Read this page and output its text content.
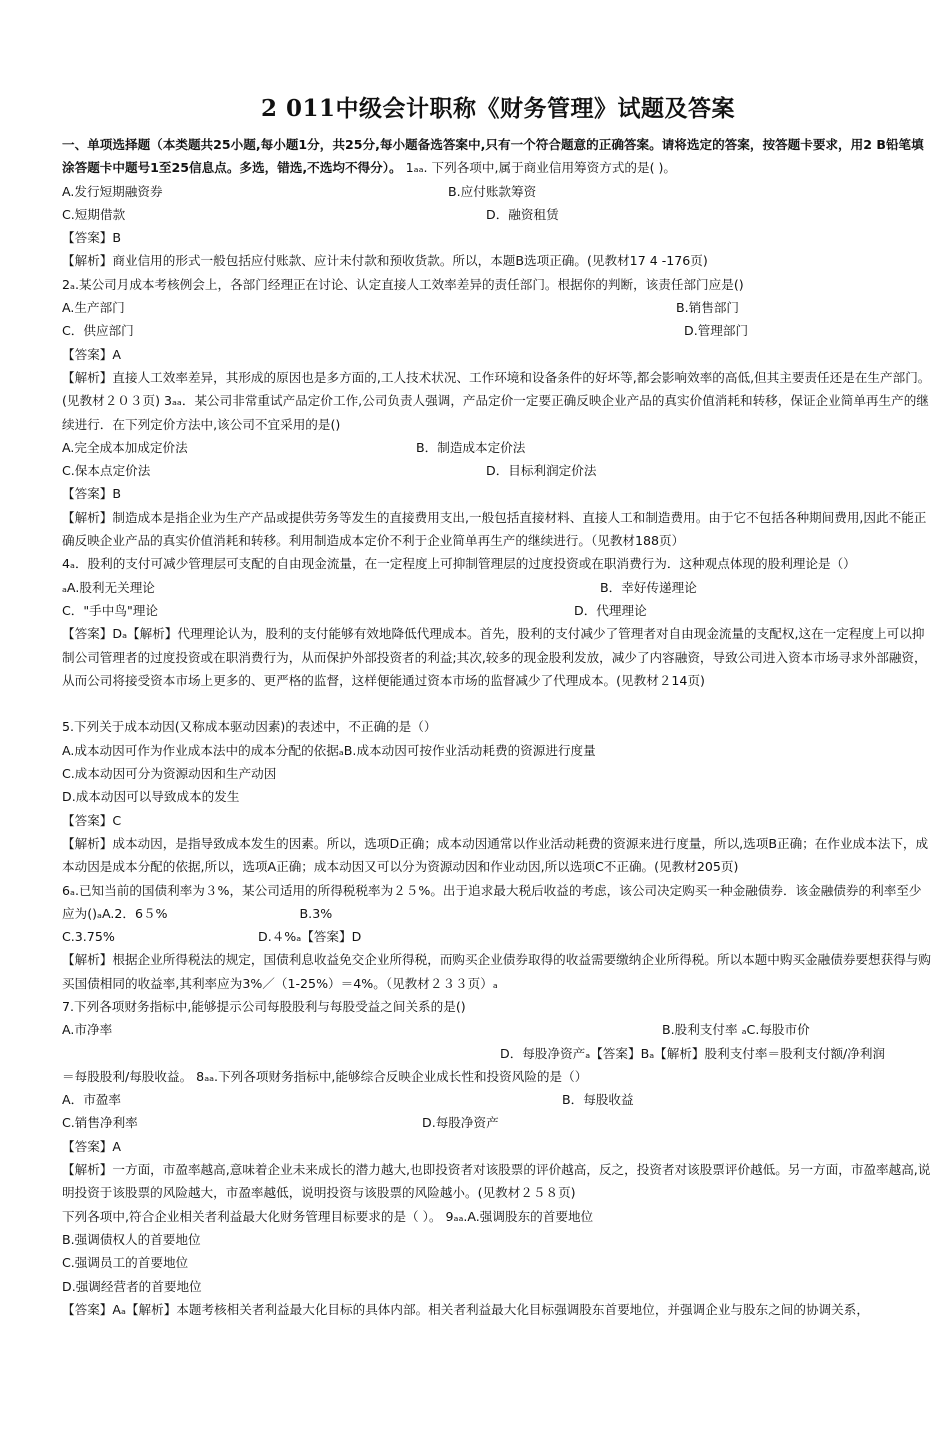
2 011中级会计职称《财务管理》试题及答案

一、单项选择题（本类题共25小题,每小题1分，共25分,每小题备选答案中,只有一个符合题意的正确答案。请将选定的答案，按答题卡要求，用2 B铅笔填涂答题卡中题号1至25信息点。多选，错选,不选均不得分）。 1ₐₐ. 下列各项中,属于商业信用筹资方式的是( )。

A.发行短期融资券	B.应付账款筹资
C.短期借款	D．融资租赁

【答案】B

【解析】商业信用的形式一般包括应付账款、应计未付款和预收货款。所以，本题B选项正确。(见教材17 4 -176页)

2ₐ.某公司月成本考核例会上，各部门经理正在讨论、认定直接人工效率差异的责任部门。根据你的判断，该责任部门应是()

A.生产部门	B.销售部门
C．供应部门	D.管理部门

【答案】A

【解析】直接人工效率差异，其形成的原因也是多方面的,工人技术状况、工作环境和设备条件的好坏等,都会影响效率的高低,但其主要责任还是在生产部门。(见教材２０３页) 3ₐₐ．某公司非常重试产品定价工作,公司负责人强调，产品定价一定要正确反映企业产品的真实价值消耗和转移，保证企业简单再生产的继续进行．在下列定价方法中,该公司不宜采用的是()

A.完全成本加成定价法	B．制造成本定价法
C.保本点定价法	D．目标利润定价法

【答案】B

【解析】制造成本是指企业为生产产品或提供劳务等发生的直接费用支出,一般包括直接材料、直接人工和制造费用。由于它不包括各种期间费用,因此不能正确反映企业产品的真实价值消耗和转移。利用制造成本定价不利于企业简单再生产的继续进行。（见教材188页）

4ₐ．股利的支付可减少管理层可支配的自由现金流量，在一定程度上可抑制管理层的过度投资或在职消费行为．这种观点体现的股利理论是（）

ₐA.股利无关理论	B．幸好传递理论
C．"手中鸟"理论	D．代理理论

【答案】Dₐ【解析】代理理论认为，股利的支付能够有效地降低代理成本。首先，股利的支付减少了管理者对自由现金流量的支配权,这在一定程度上可以抑制公司管理者的过度投资或在职消费行为，从而保护外部投资者的利益;其次,较多的现金股利发放，减少了内容融资，导致公司进入资本市场寻求外部融资，从而公司将接受资本市场上更多的、更严格的监督，这样便能通过资本市场的监督减少了代理成本。(见教材２14页)

5.下列关于成本动因(又称成本驱动因素)的表述中，不正确的是（）

A.成本动因可作为作业成本法中的成本分配的依据ₐB.成本动因可按作业活动耗费的资源进行度量

C.成本动因可分为资源动因和生产动因

D.成本动因可以导致成本的发生

【答案】C

【解析】成本动因，是指导致成本发生的因素。所以，选项D正确；成本动因通常以作业活动耗费的资源来进行度量，所以,选项B正确；在作业成本法下，成本动因是成本分配的依据,所以，选项A正确；成本动因又可以分为资源动因和作业动因,所以选项C不正确。(见教材205页)

6ₐ.已知当前的国债利率为３%，某公司适用的所得税税率为２５%。出于追求最大税后收益的考虑，该公司决定购买一种金融债券．该金融债券的利率至少应为()ₐA.2．6５%	B.3%
C.3.75%	D.４%ₐ【答案】D

【解析】根据企业所得税法的规定，国债利息收益免交企业所得税，而购买企业债券取得的收益需要缴纳企业所得税。所以本题中购买金融债券要想获得与购买国债相同的收益率,其利率应为3%／（1-25%）＝4%。（见教材２３３页）ₐ

7.下列各项财务指标中,能够提示公司每股股利与每股受益之间关系的是()

A.市净率	B.股利支付率 ₐC.每股市价

D．每股净资产ₐ【答案】Bₐ【解析】股利支付率＝股利支付额/净利润

＝每股股利/每股收益。 8ₐₐ.下列各项财务指标中,能够综合反映企业成长性和投资风险的是（）

A．市盈率	B．每股收益
C.销售净利率	D.每股净资产

【答案】A

【解析】一方面，市盈率越高,意味着企业未来成长的潜力越大,也即投资者对该股票的评价越高，反之，投资者对该股票评价越低。另一方面，市盈率越高,说明投资于该股票的风险越大，市盈率越低，说明投资与该股票的风险越小。(见教材２５８页)

下列各项中,符合企业相关者利益最大化财务管理目标要求的是（ ）。 9ₐₐ.A.强调股东的首要地位

B.强调债权人的首要地位

C.强调员工的首要地位

D.强调经营者的首要地位

【答案】Aₐ【解析】本题考核相关者利益最大化目标的具体内部。相关者利益最大化目标强调股东首要地位，并强调企业与股东之间的协调关系，
